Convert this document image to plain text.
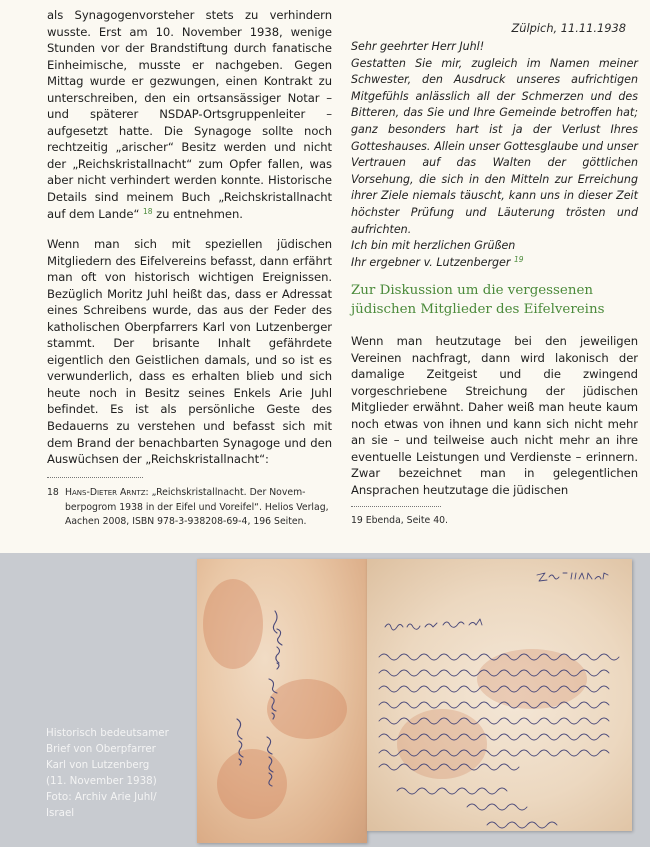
als Synagogenvorsteher stets zu verhindern wusste. Erst am 10. November 1938, wenige Stunden vor der Brandstiftung durch fanatische Einheimische, musste er nachgeben. Gegen Mittag wurde er gezwungen, einen Kontrakt zu unterschreiben, den ein ortsansässiger Notar – und späterer NSDAP-Ortsgruppenleiter – aufgesetzt hatte. Die Synagoge sollte noch rechtzeitig „arischer“ Besitz werden und nicht der „Reichskristallnacht“ zum Opfer fallen, was aber nicht verhindert werden konnte. Historische Details sind meinem Buch „Reichskristallnacht auf dem Lande“ $^{18}$ zu entnehmen.
Wenn man sich mit speziellen jüdischen Mitgliedern des Eifelvereins befasst, dann erfährt man oft von historisch wichtigen Ereignissen. Bezüglich Moritz Juhl heißt das, dass er Adressat eines Schreibens wurde, das aus der Feder des katholischen Oberpfarrers Karl von Lutzenberger stammt. Der brisante Inhalt gefährdete eigentlich den Geistlichen damals, und so ist es verwunderlich, dass es erhalten blieb und sich heute noch in Besitz seines Enkels Arie Juhl befindet. Es ist als persönliche Geste des Bedauerns zu verstehen und befasst sich mit dem Brand der benachbarten Synagoge und den Auswüchsen der „Reichskristallnacht“:
18 Hans-Dieter Arntz: „Reichskristallnacht. Der Novem-
berpogrom 1938 in der Eifel und Voreifel“. Helios Verlag,
Aachen 2008, ISBN 978-3-938208-69-4, 196 Seiten.
Zülpich, 11.11.1938

Sehr geehrter Herr Juhl!

Gestatten Sie mir, zugleich im Namen meiner Schwester, den Ausdruck unseres aufrichtigen Mitgefühls anlässlich all der Schmerzen und des Bitteren, das Sie und Ihre Gemeinde betroffen hat; ganz besonders hart ist ja der Verlust Ihres Gotteshauses. Allein unser Gottesglaube und unser Vertrauen auf das Walten der göttlichen Vorsehung, die sich in den Mitteln zur Erreichung ihrer Ziele niemals täuscht, kann uns in dieser Zeit höchster Prüfung und Läuterung trösten und aufrichten.

Ich bin mit herzlichen Grüßen

Ihr ergebner v. Lutzenberger $^{19}$

Zur Diskussion um die vergessenen
jüdischen Mitglieder des Eifelvereins
Wenn man heutzutage bei den jeweiligen Vereinen nachfragt, dann wird lakonisch der damalige Zeitgeist und die zwingend vorgeschriebene Streichung der jüdischen Mitglieder erwähnt. Daher weiß man heute kaum noch etwas von ihnen und kann sich nicht mehr an sie – und teilweise auch nicht mehr an ihre eventuelle Leistungen und Verdienste – erinnern. Zwar bezeichnet man in gelegentlichen Ansprachen heutzutage die jüdischen
19 Ebenda, Seite 40.
Historisch bedeutsamer
Brief von Oberpfarrer
Karl von Lutzenberg
(11. November 1938)
Foto: Archiv Arie Juhl/
Israel
